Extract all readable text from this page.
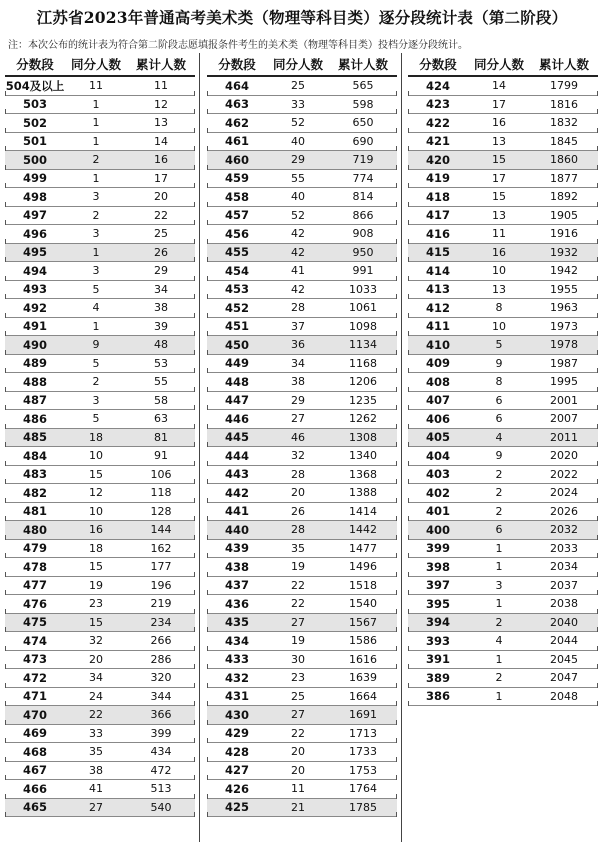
江苏省2023年普通高考美术类（物理等科目类）逐分段统计表（第二阶段）
注：本次公布的统计表为符合第二阶段志愿填报条件考生的美术类（物理等科目类）投档分逐分段统计。
分数段	同分人数	累计人数
504及以上	11	11
503	1	12
502	1	13
501	1	14
500	2	16
499	1	17
498	3	20
497	2	22
496	3	25
495	1	26
494	3	29
493	5	34
492	4	38
491	1	39
490	9	48
489	5	53
488	2	55
487	3	58
486	5	63
485	18	81
484	10	91
483	15	106
482	12	118
481	10	128
480	16	144
479	18	162
478	15	177
477	19	196
476	23	219
475	15	234
474	32	266
473	20	286
472	34	320
471	24	344
470	22	366
469	33	399
468	35	434
467	38	472
466	41	513
465	27	540
分数段	同分人数	累计人数
464	25	565
463	33	598
462	52	650
461	40	690
460	29	719
459	55	774
458	40	814
457	52	866
456	42	908
455	42	950
454	41	991
453	42	1033
452	28	1061
451	37	1098
450	36	1134
449	34	1168
448	38	1206
447	29	1235
446	27	1262
445	46	1308
444	32	1340
443	28	1368
442	20	1388
441	26	1414
440	28	1442
439	35	1477
438	19	1496
437	22	1518
436	22	1540
435	27	1567
434	19	1586
433	30	1616
432	23	1639
431	25	1664
430	27	1691
429	22	1713
428	20	1733
427	20	1753
426	11	1764
425	21	1785
分数段	同分人数	累计人数
424	14	1799
423	17	1816
422	16	1832
421	13	1845
420	15	1860
419	17	1877
418	15	1892
417	13	1905
416	11	1916
415	16	1932
414	10	1942
413	13	1955
412	8	1963
411	10	1973
410	5	1978
409	9	1987
408	8	1995
407	6	2001
406	6	2007
405	4	2011
404	9	2020
403	2	2022
402	2	2024
401	2	2026
400	6	2032
399	1	2033
398	1	2034
397	3	2037
395	1	2038
394	2	2040
393	4	2044
391	1	2045
389	2	2047
386	1	2048
